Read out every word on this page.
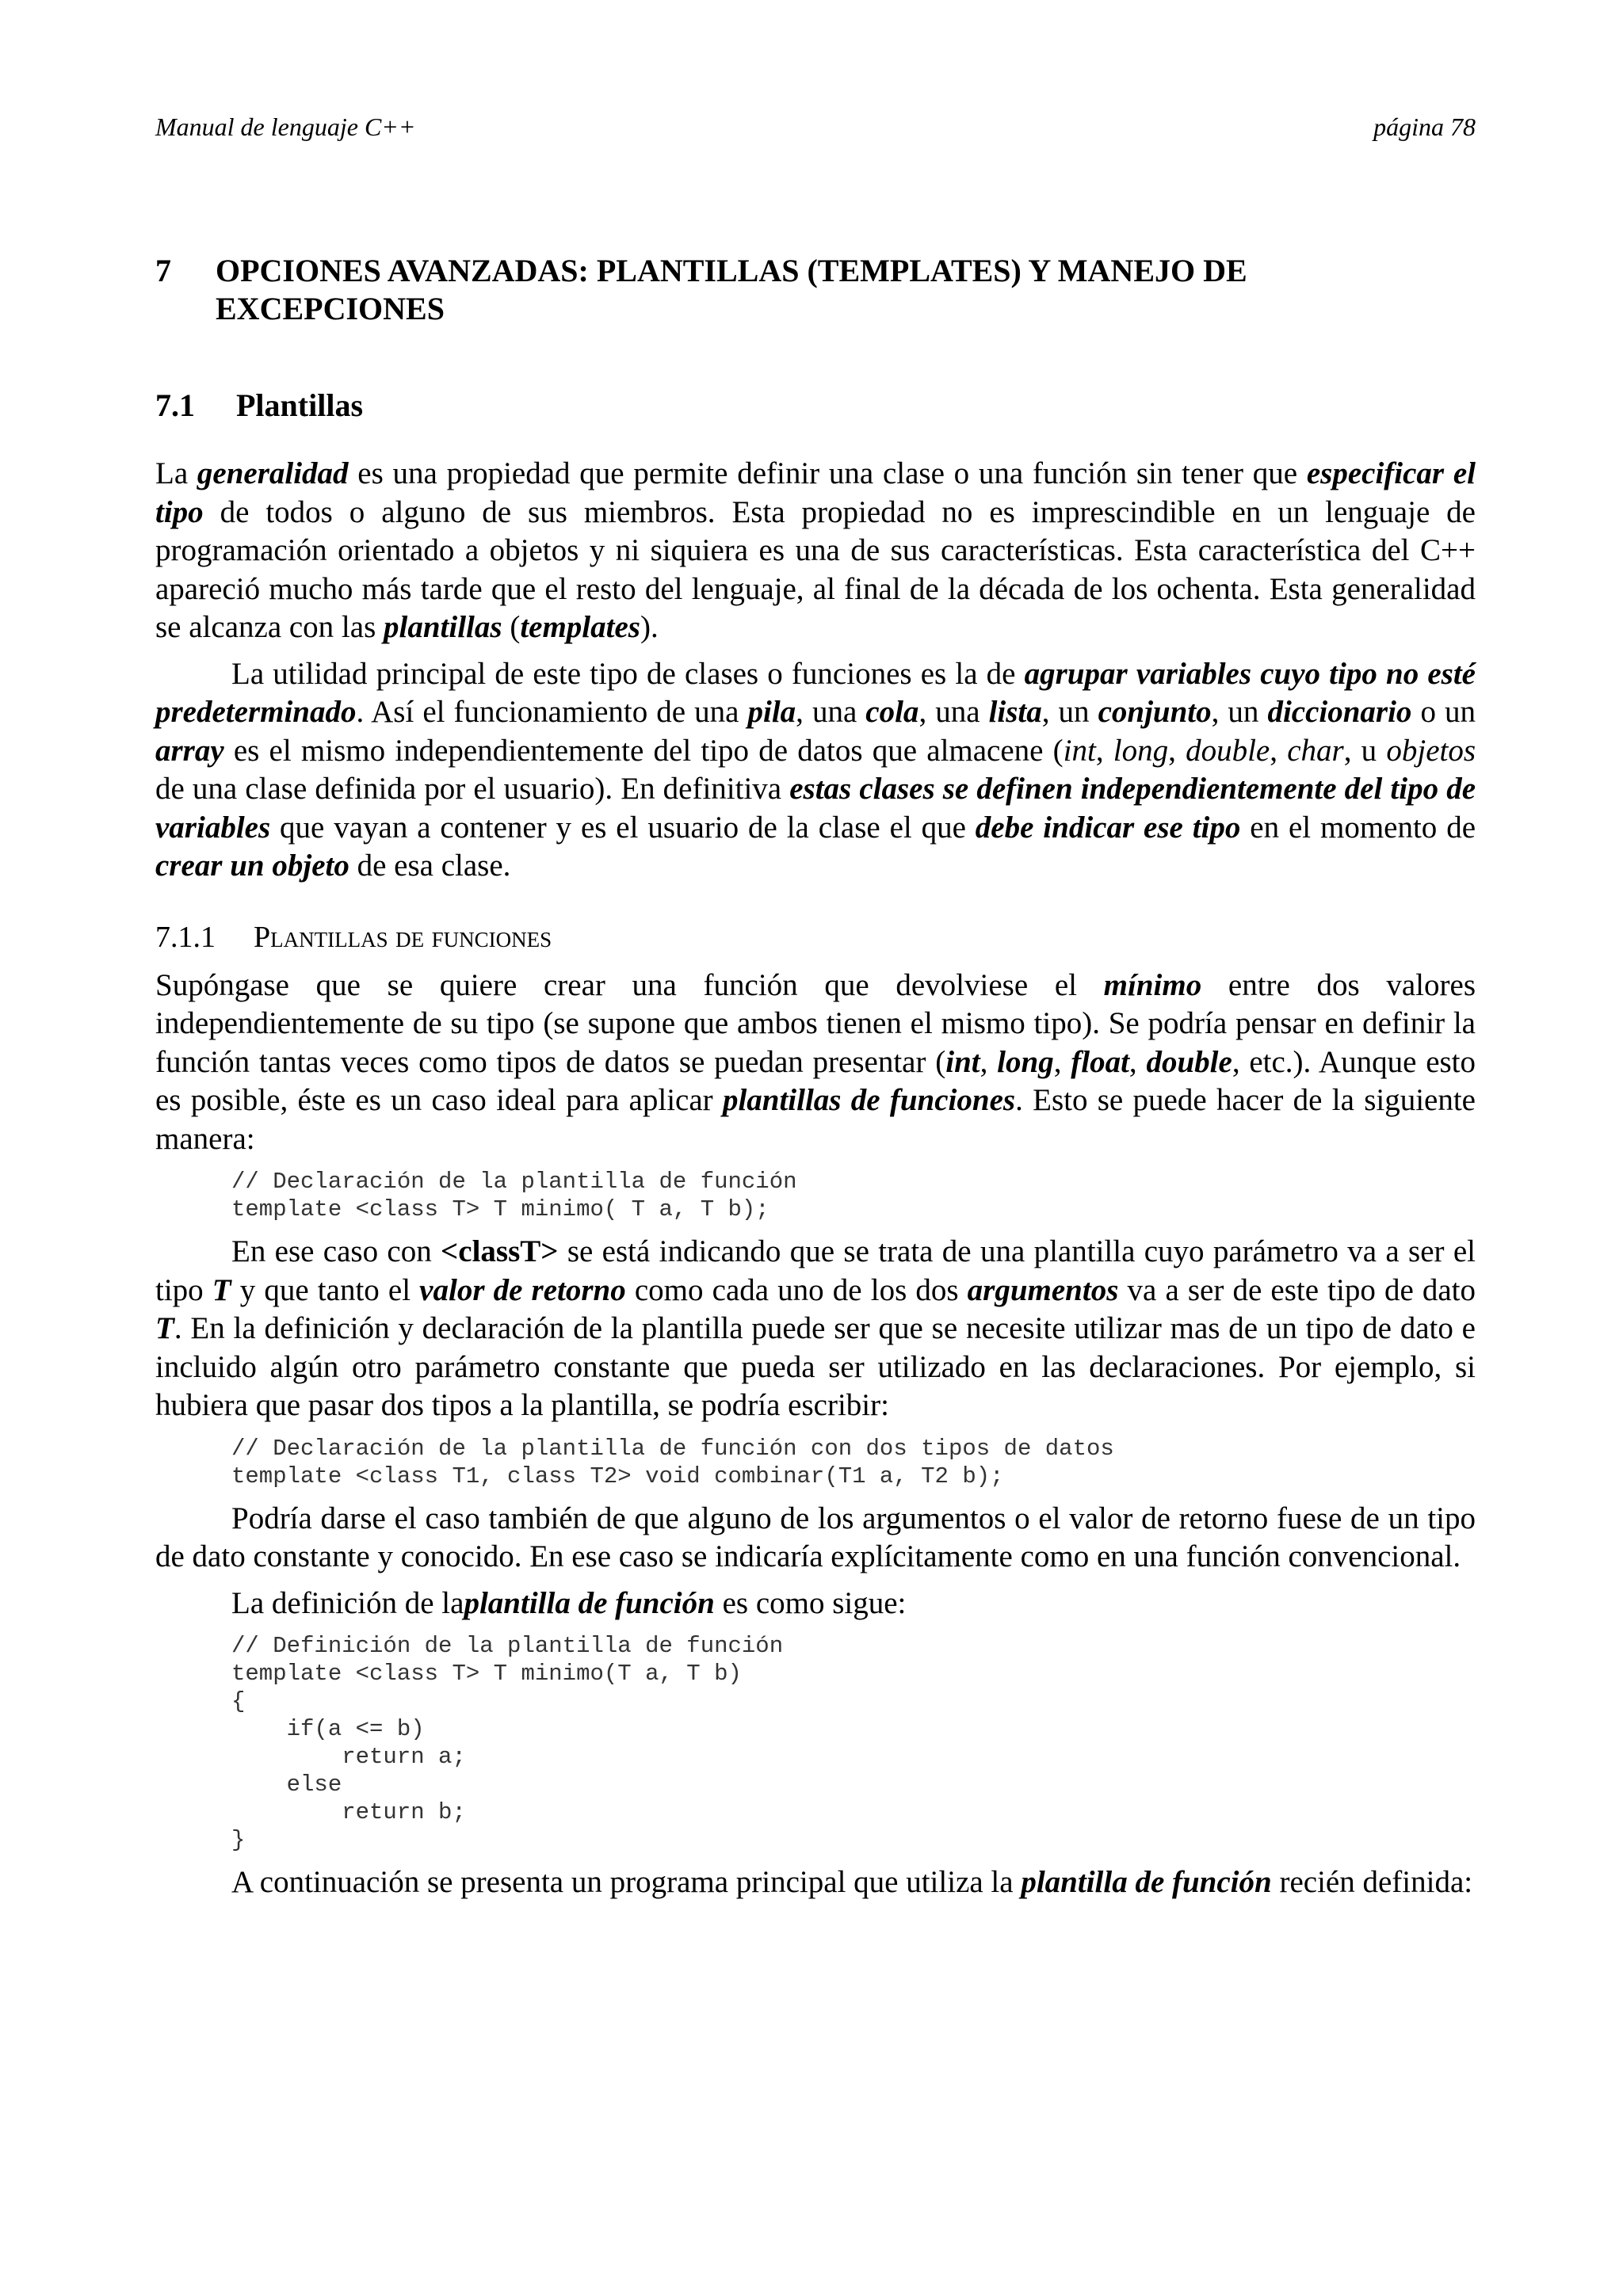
Manual de lenguaje C++	página 78
7	OPCIONES AVANZADAS: PLANTILLAS (TEMPLATES) Y MANEJO DE EXCEPCIONES
7.1	Plantillas

La generalidad es una propiedad que permite definir una clase o una función sin tener que especificar el tipo de todos o alguno de sus miembros. Esta propiedad no es imprescindible en un lenguaje de programación orientado a objetos y ni siquiera es una de sus características. Esta característica del C++ apareció mucho más tarde que el resto del lenguaje, al final de la década de los ochenta. Esta generalidad se alcanza con las plantillas (templates).

La utilidad principal de este tipo de clases o funciones es la de agrupar variables cuyo tipo no esté predeterminado. Así el funcionamiento de una pila, una cola, una lista, un conjunto, un diccionario o un array es el mismo independientemente del tipo de datos que almacene (int, long, double, char, u objetos de una clase definida por el usuario). En definitiva estas clases se definen independientemente del tipo de variables que vayan a contener y es el usuario de la clase el que debe indicar ese tipo en el momento de crear un objeto de esa clase.

7.1.1	Plantillas de funciones

Supóngase que se quiere crear una función que devolviese el mínimo entre dos valores independientemente de su tipo (se supone que ambos tienen el mismo tipo). Se podría pensar en definir la función tantas veces como tipos de datos se puedan presentar (int, long, float, double, etc.). Aunque esto es posible, éste es un caso ideal para aplicar plantillas de funciones. Esto se puede hacer de la siguiente manera:

// Declaración de la plantilla de función
template <class T> T minimo( T a, T b);

En ese caso con <classT> se está indicando que se trata de una plantilla cuyo parámetro va a ser el tipo T y que tanto el valor de retorno como cada uno de los dos argumentos va a ser de este tipo de dato T. En la definición y declaración de la plantilla puede ser que se necesite utilizar mas de un tipo de dato e incluido algún otro parámetro constante que pueda ser utilizado en las declaraciones. Por ejemplo, si hubiera que pasar dos tipos a la plantilla, se podría escribir:

// Declaración de la plantilla de función con dos tipos de datos
template <class T1, class T2> void combinar(T1 a, T2 b);

Podría darse el caso también de que alguno de los argumentos o el valor de retorno fuese de un tipo de dato constante y conocido. En ese caso se indicaría explícitamente como en una función convencional.

La definición de laplantilla de función es como sigue:

// Definición de la plantilla de función
template <class T> T minimo(T a, T b)
{
if(a <= b)
return a;
else
return b;
}

A continuación se presenta un programa principal que utiliza la plantilla de función recién definida:
